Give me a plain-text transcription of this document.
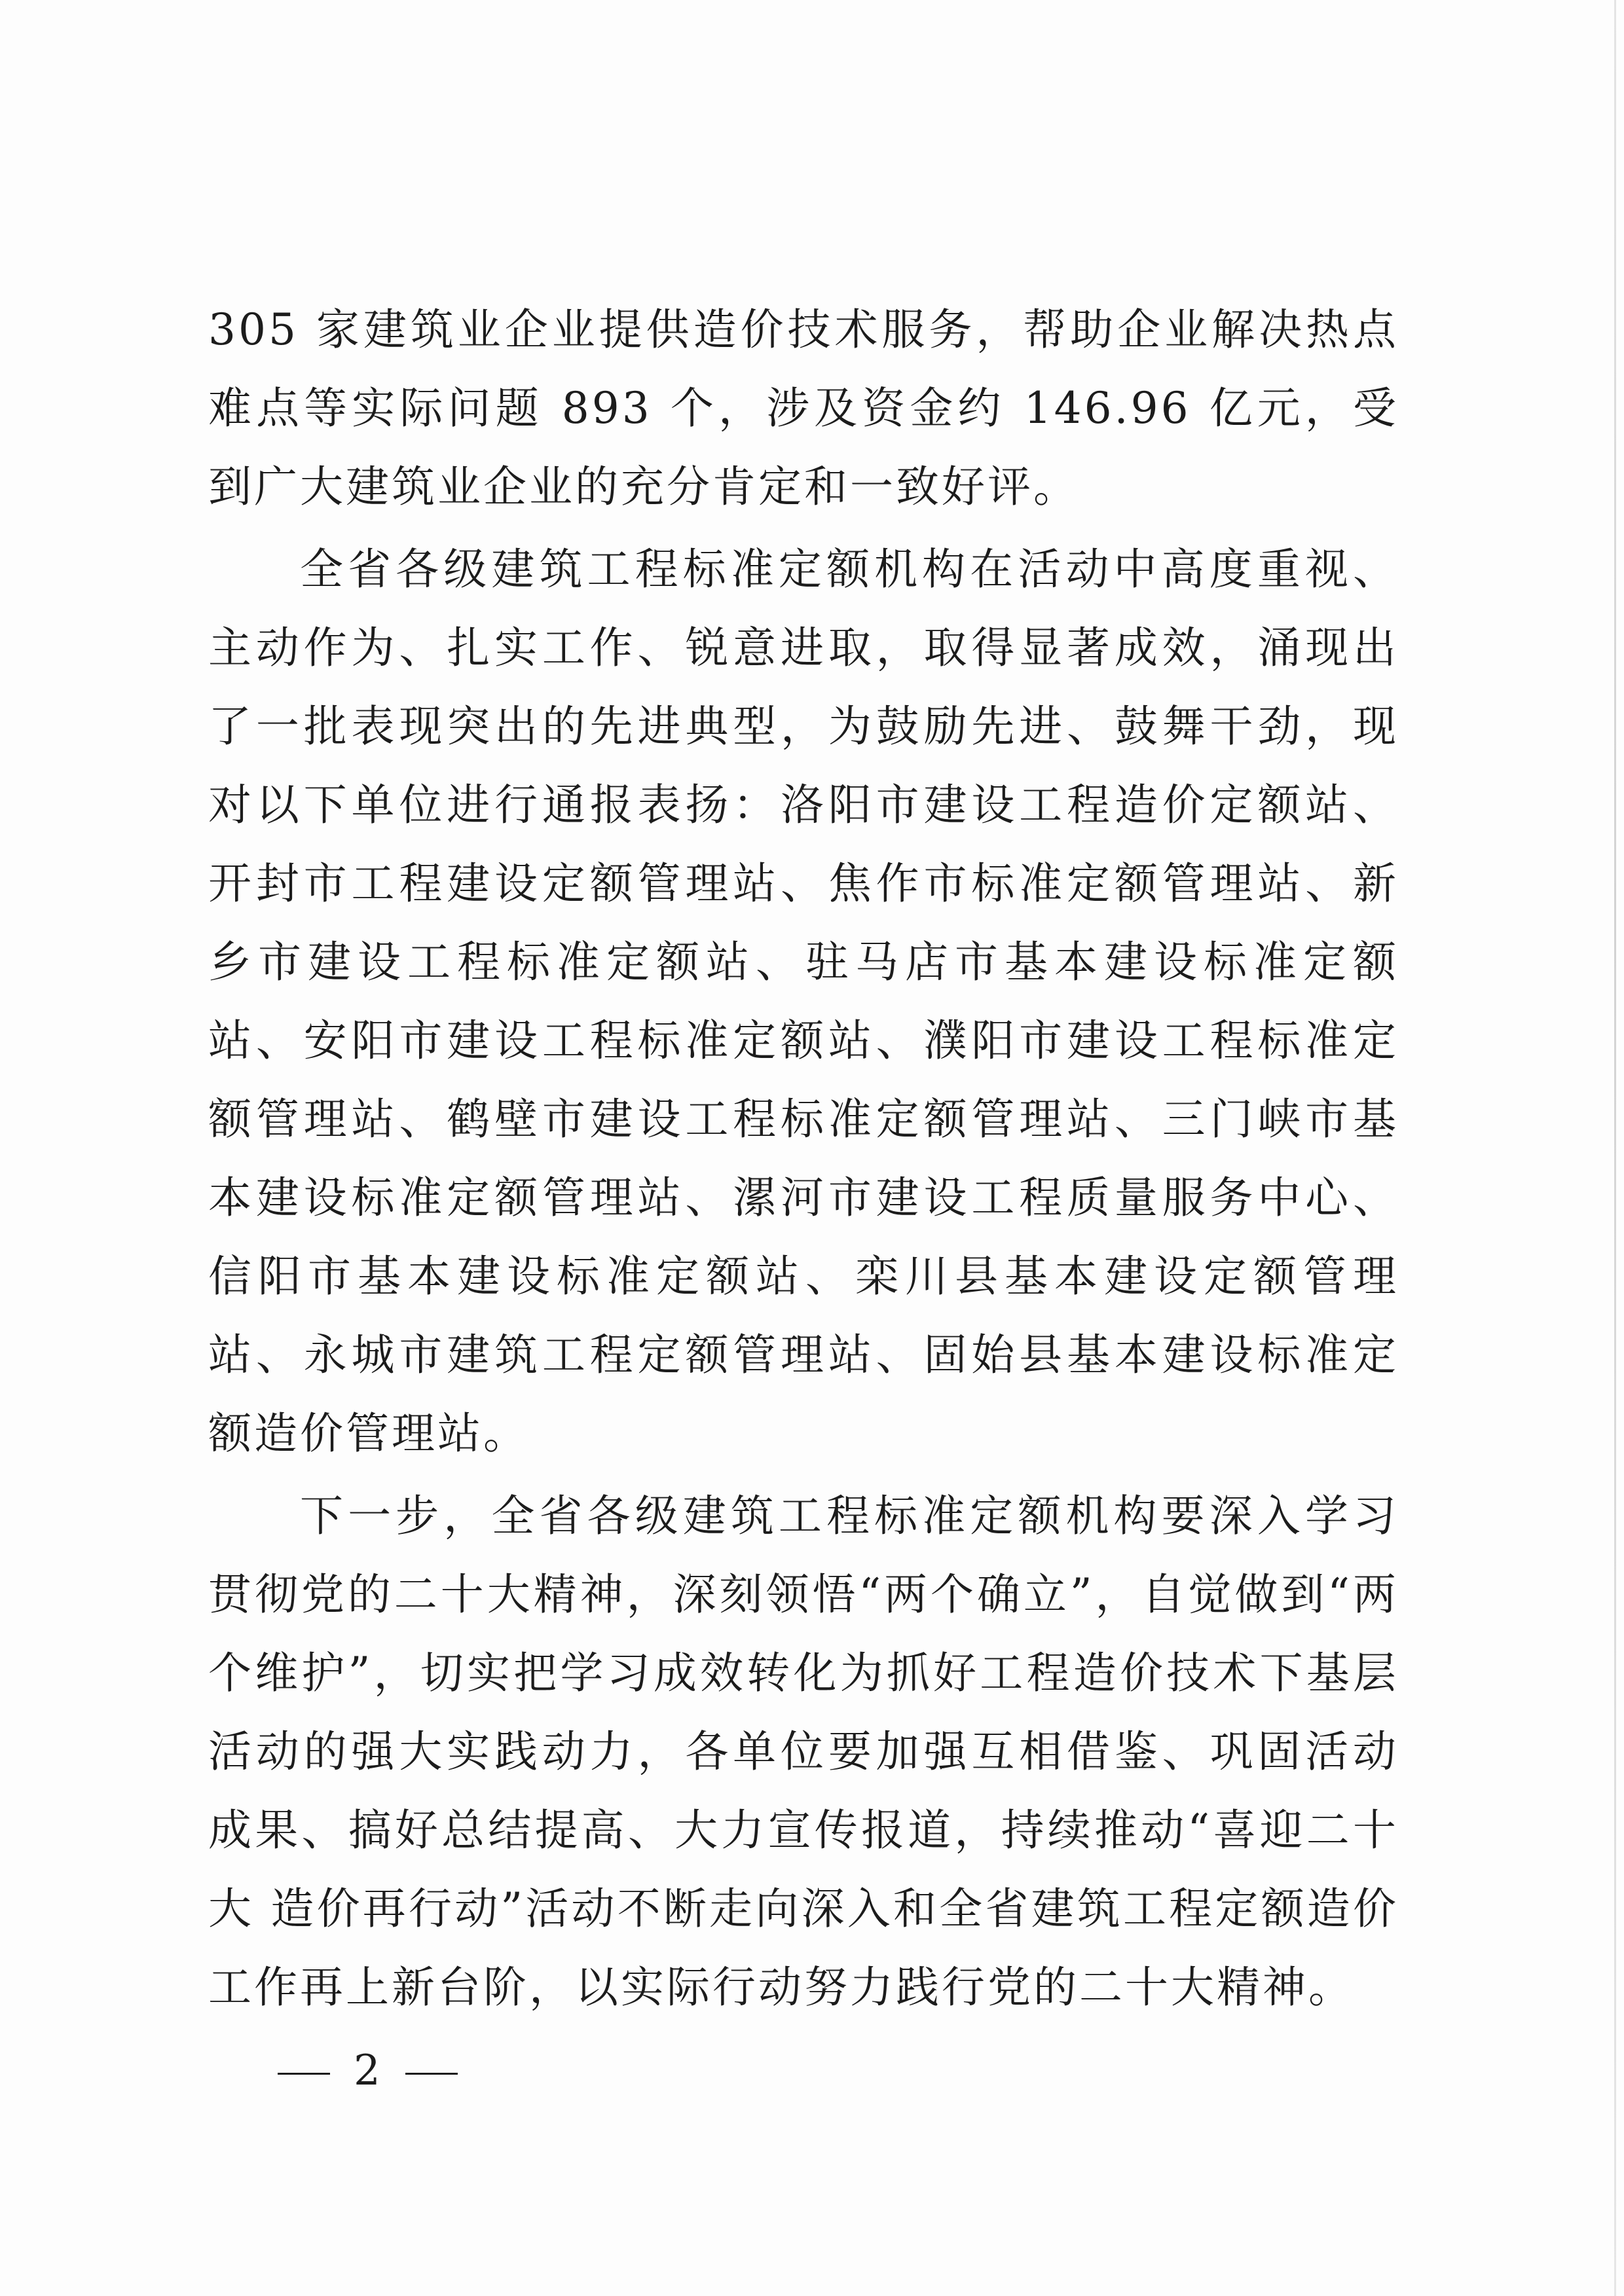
305 家建筑业企业提供造价技术服务，帮助企业解决热点难点等实际问题 893 个，涉及资金约 146.96 亿元，受到广大建筑业企业的充分肯定和一致好评。

全省各级建筑工程标准定额机构在活动中高度重视、主动作为、扎实工作、锐意进取，取得显著成效，涌现出了一批表现突出的先进典型，为鼓励先进、鼓舞干劲，现对以下单位进行通报表扬：洛阳市建设工程造价定额站、开封市工程建设定额管理站、焦作市标准定额管理站、新乡市建设工程标准定额站、驻马店市基本建设标准定额站、安阳市建设工程标准定额站、濮阳市建设工程标准定额管理站、鹤壁市建设工程标准定额管理站、三门峡市基本建设标准定额管理站、漯河市建设工程质量服务中心、信阳市基本建设标准定额站、栾川县基本建设定额管理站、永城市建筑工程定额管理站、固始县基本建设标准定额造价管理站。

下一步，全省各级建筑工程标准定额机构要深入学习贯彻党的二十大精神，深刻领悟“两个确立”，自觉做到“两个维护”，切实把学习成效转化为抓好工程造价技术下基层活动的强大实践动力，各单位要加强互相借鉴、巩固活动成果、搞好总结提高、大力宣传报道，持续推动“喜迎二十大 造价再行动”活动不断走向深入和全省建筑工程定额造价工作再上新台阶，以实际行动努力践行党的二十大精神。

2
